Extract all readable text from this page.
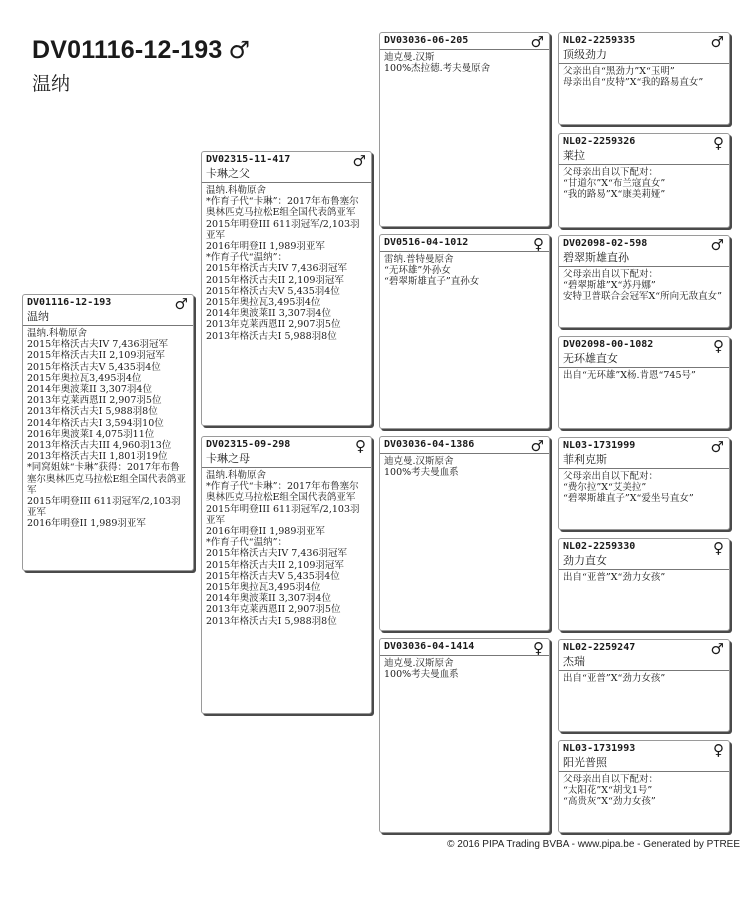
DV01116-12-193 ♂
温纳
DV01116-12-193
温纳
♂
温纳.科勒原舍
2015年格沃古夫IV 7,436羽冠军
2015年格沃古夫II 2,109羽冠军
2015年格沃古夫V 5,435羽4位
2015年奥拉瓦3,495羽4位
2014年奥波莱II 3,307羽4位
2013年克莱西恩II 2,907羽5位
2013年格沃古夫I 5,988羽8位
2014年格沃古夫I 3,594羽10位
2016年奥波莱I 4,075羽11位
2013年格沃古夫III 4,960羽13位
2013年格沃古夫II 1,801羽19位
*同窝姐妹“卡琳”获得：2017年布鲁塞尔奥林匹克马拉松E组全国代表鸽亚军
2015年明登III 611羽冠军/2,103羽亚军
2016年明登II 1,989羽亚军
DV02315-11-417
卡琳之父
♂
温纳.科勒原舍
*作育子代“卡琳”：2017年布鲁塞尔奥林匹克马拉松E组全国代表鸽亚军
2015年明登III 611羽冠军/2,103羽亚军
2016年明登II 1,989羽亚军
*作育子代“温纳”：
2015年格沃古夫IV 7,436羽冠军
2015年格沃古夫II 2,109羽冠军
2015年格沃古夫V 5,435羽4位
2015年奥拉瓦3,495羽4位
2014年奥波莱II 3,307羽4位
2013年克莱西恩II 2,907羽5位
2013年格沃古夫I 5,988羽8位
DV02315-09-298
卡琳之母
♀
温纳.科勒原舍
*作育子代“卡琳”：2017年布鲁塞尔奥林匹克马拉松E组全国代表鸽亚军
2015年明登III 611羽冠军/2,103羽亚军
2016年明登II 1,989羽亚军
*作育子代“温纳”：
2015年格沃古夫IV 7,436羽冠军
2015年格沃古夫II 2,109羽冠军
2015年格沃古夫V 5,435羽4位
2015年奥拉瓦3,495羽4位
2014年奥波莱II 3,307羽4位
2013年克莱西恩II 2,907羽5位
2013年格沃古夫I 5,988羽8位
DV03036-06-205	♂
迪克曼.汉斯
100%杰拉德.考夫曼原舍
DV0516-04-1012	♀
雷纳.普特曼原舍
“无环雄”外孙女
“碧翠斯雄直子”直孙女
DV03036-04-1386	♂
迪克曼.汉斯原舍
100%考夫曼血系
DV03036-04-1414	♀
迪克曼.汉斯原舍
100%考夫曼血系
NL02-2259335
顶级劲力
♂
父亲出自“黑劲力”X“玉明”
母亲出自“皮特”X“我的路易直女”
NL02-2259326
莱拉
♀
父母亲出自以下配对：
“甘道尔”X“布兰寇直女”
“我的路易”X“康美莉娅”
DV02098-02-598
碧翠斯雄直孙
♂
父母亲出自以下配对：
“碧翠斯雄”X“苏丹娜”
安特卫普联合会冠军X“所向无敌直女”
DV02098-00-1082
无环雄直女
♀
出自“无环雄”X杨.肯恩“745号”
NL03-1731999
菲利克斯
♂
父母亲出自以下配对：
“费尔拉”X“艾美拉”
“碧翠斯雄直子”X“爱坐号直女”
NL02-2259330
劲力直女
♀
出自“亚普”X“劲力女孩”
NL02-2259247
杰瑞
♂
出自“亚普”X“劲力女孩”
NL03-1731993
阳光普照
♀
父母亲出自以下配对：
“太阳花”X“胡戈1号”
“高贵灰”X“劲力女孩”
© 2016 PIPA Trading BVBA - www.pipa.be - Generated by PTREE
